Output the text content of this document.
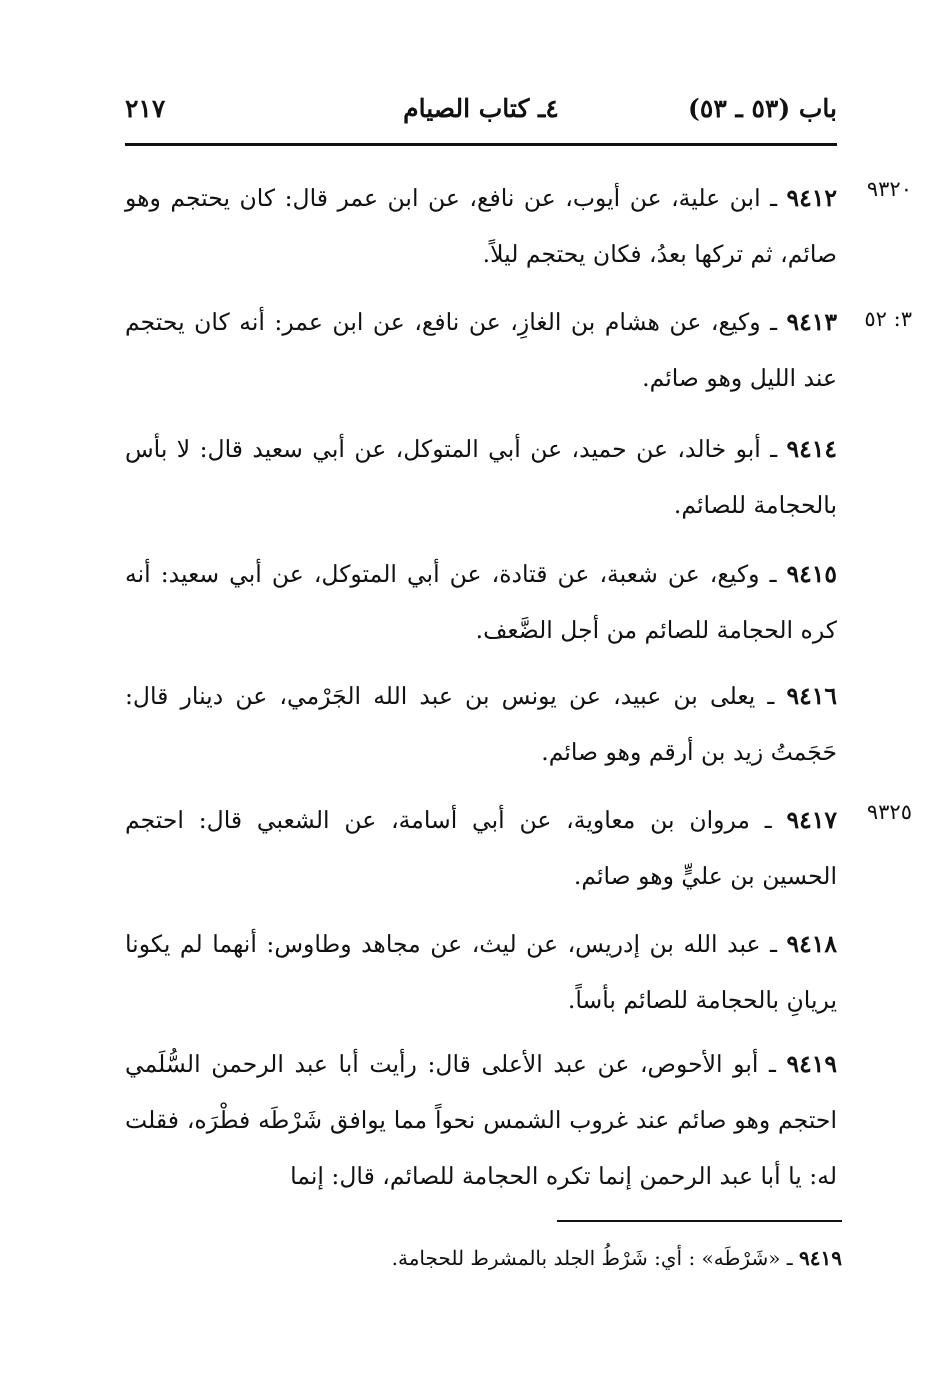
باب (٥٣ ـ ٥٣)
٤ـ كتاب الصيام
٢١٧
٩٣٢٠
٣: ٥٢
٩٣٢٥

٩٤١٢ ـ ابن علية، عن أيوب، عن نافع، عن ابن عمر قال: كان يحتجم وهو صائم، ثم تركها بعدُ، فكان يحتجم ليلاً.

٩٤١٣ ـ وكيع، عن هشام بن الغازِ، عن نافع، عن ابن عمر: أنه كان يحتجم عند الليل وهو صائم.

٩٤١٤ ـ أبو خالد، عن حميد، عن أبي المتوكل، عن أبي سعيد قال: لا بأس بالحجامة للصائم.

٩٤١٥ ـ وكيع، عن شعبة، عن قتادة، عن أبي المتوكل، عن أبي سعيد: أنه كره الحجامة للصائم من أجل الضَّعف.

٩٤١٦ ـ يعلى بن عبيد، عن يونس بن عبد الله الجَرْمي، عن دينار قال: حَجَمتُ زيد بن أرقم وهو صائم.

٩٤١٧ ـ مروان بن معاوية، عن أبي أسامة، عن الشعبي قال: احتجم الحسين بن عليٍّ وهو صائم.

٩٤١٨ ـ عبد الله بن إدريس، عن ليث، عن مجاهد وطاوس: أنهما لم يكونا يريانِ بالحجامة للصائم بأساً.

٩٤١٩ ـ أبو الأحوص، عن عبد الأعلى قال: رأيت أبا عبد الرحمن السُّلَمي احتجم وهو صائم عند غروب الشمس نحواً مما يوافق شَرْطَه فطْرَه، فقلت له: يا أبا عبد الرحمن إنما تكره الحجامة للصائم، قال: إنما

٩٤١٩ ـ «شَرْطَه» : أي: شَرْطُ الجلد بالمشرط للحجامة.
